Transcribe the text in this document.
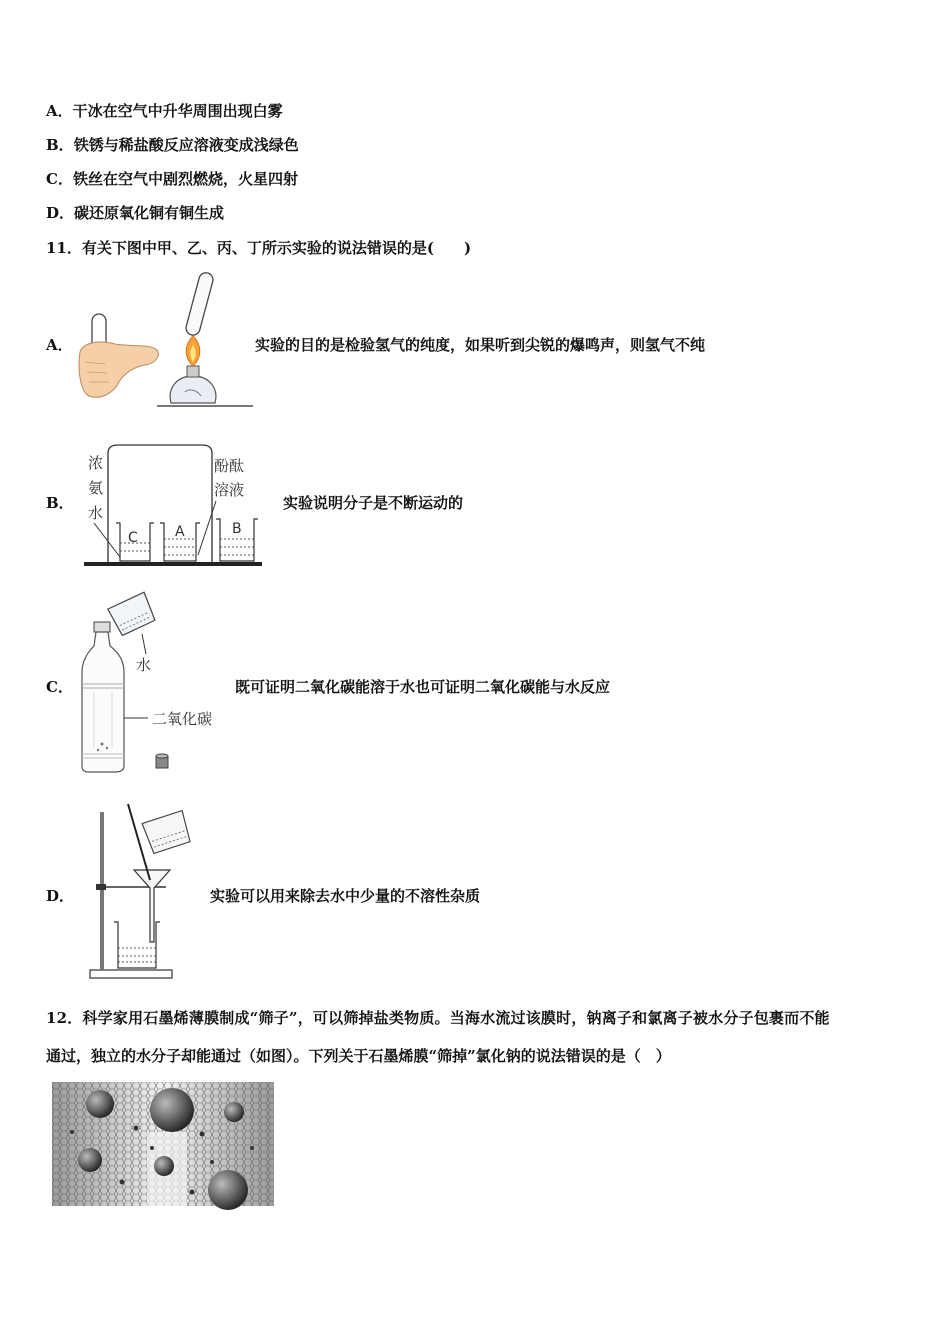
A．干冰在空气中升华周围出现白雾
B．铁锈与稀盐酸反应溶液变成浅绿色
C．铁丝在空气中剧烈燃烧，火星四射
D．碳还原氧化铜有铜生成
11．有关下图中甲、乙、丙、丁所示实验的说法错误的是(　　)
A．	实验的目的是检验氢气的纯度，如果听到尖锐的爆鸣声，则氢气不纯
B．
浓
氨
水
酚酞
溶液
C	A	B
实验说明分子是不断运动的
C．
水
二氧化碳
既可证明二氧化碳能溶于水也可证明二氧化碳能与水反应
D．	实验可以用来除去水中少量的不溶性杂质
12．科学家用石墨烯薄膜制成“筛子”，可以筛掉盐类物质。当海水流过该膜时，钠离子和氯离子被水分子包裹而不能
通过，独立的水分子却能通过（如图）。下列关于石墨烯膜“筛掉”氯化钠的说法错误的是（　）
